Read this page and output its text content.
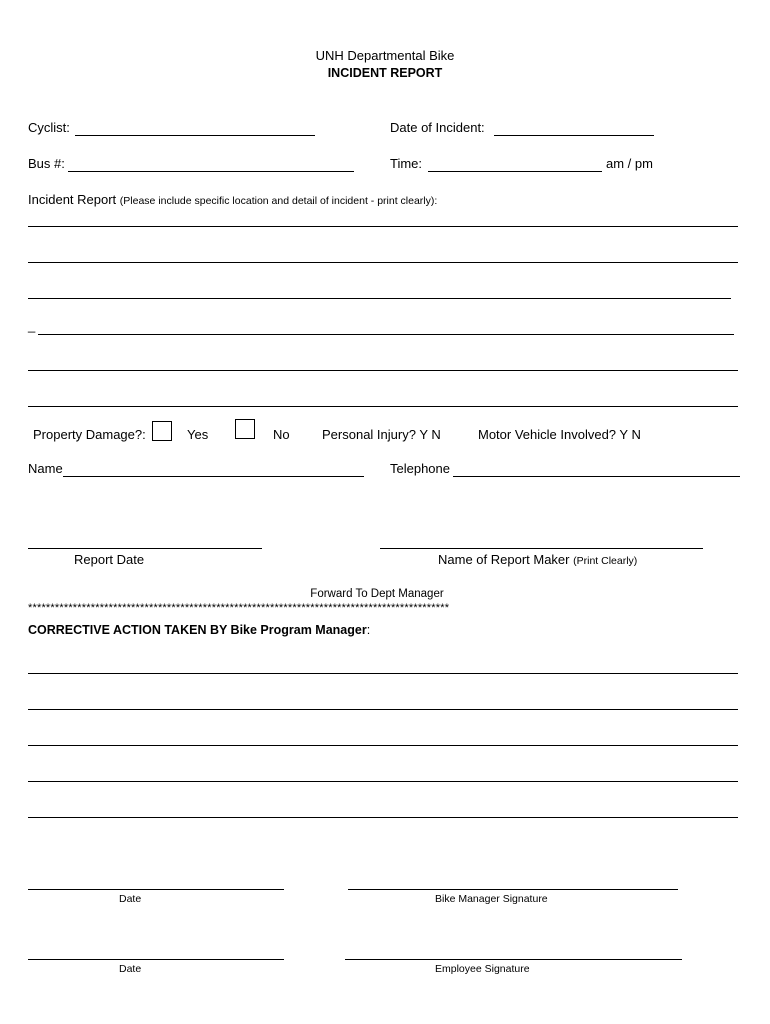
UNH Departmental Bike
INCIDENT REPORT
Cyclist:	Date of Incident:
Bus #:	Time:	am / pm
Incident Report (Please include specific location and detail of incident - print clearly):
_
Property Damage?:	Yes	No Personal Injury? Y N	Motor Vehicle Involved? Y N
Name	Telephone
Report Date	Name of Report Maker (Print Clearly)
Forward To Dept Manager
**********************************************************************************************
CORRECTIVE ACTION TAKEN BY Bike Program Manager:
Date	Bike Manager Signature
Date	Employee Signature
